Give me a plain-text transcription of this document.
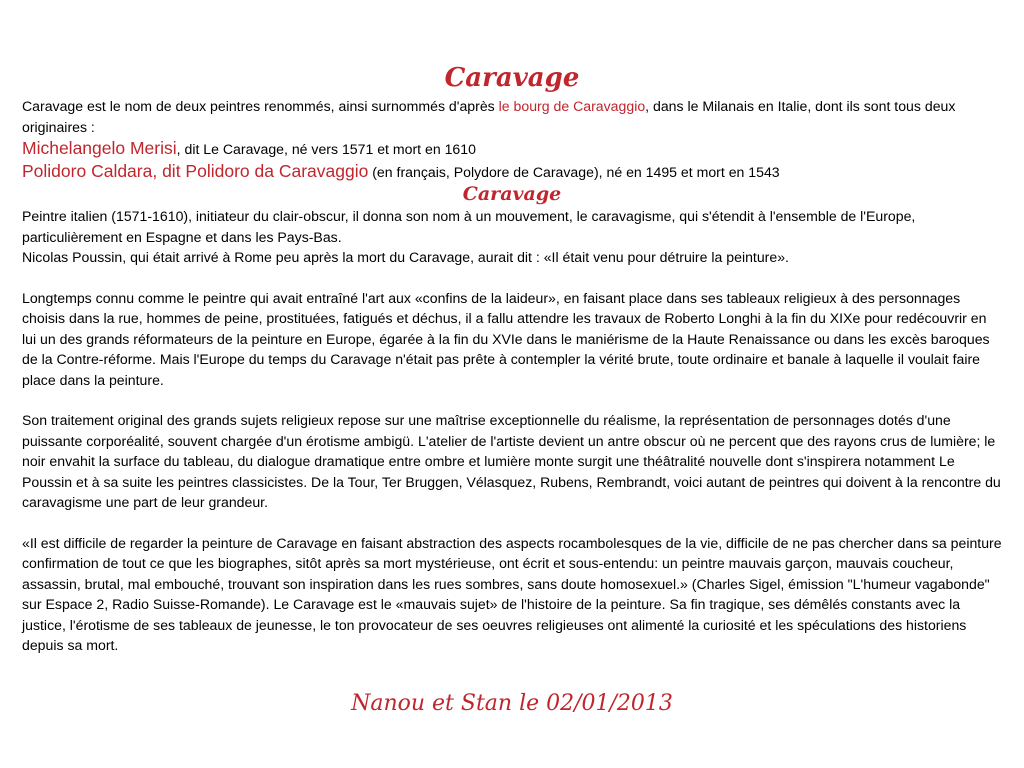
Caravage

Caravage est le nom de deux peintres renommés, ainsi surnommés d'après le bourg de Caravaggio, dans le Milanais en Italie, dont ils sont tous deux originaires :

Michelangelo Merisi, dit Le Caravage, né vers 1571 et mort en 1610

Polidoro Caldara, dit Polidoro da Caravaggio (en français, Polydore de Caravage), né en 1495 et mort en 1543

Caravage

Peintre italien (1571-1610), initiateur du clair-obscur, il donna son nom à un mouvement, le caravagisme, qui s'étendit à l'ensemble de l'Europe, particulièrement en Espagne et dans les Pays-Bas.

Nicolas Poussin, qui était arrivé à Rome peu après la mort du Caravage, aurait dit : «Il était venu pour détruire la peinture».

Longtemps connu comme le peintre qui avait entraîné l'art aux «confins de la laideur», en faisant place dans ses tableaux religieux à des personnages choisis dans la rue, hommes de peine, prostituées, fatigués et déchus, il a fallu attendre les travaux de Roberto Longhi à la fin du XIXe pour redécouvrir en lui un des grands réformateurs de la peinture en Europe, égarée à la fin du XVIe dans le maniérisme de la Haute Renaissance ou dans les excès baroques de la Contre-réforme. Mais l'Europe du temps du Caravage n'était pas prête à contempler la vérité brute, toute ordinaire et banale à laquelle il voulait faire place dans la peinture.

Son traitement original des grands sujets religieux repose sur une maîtrise exceptionnelle du réalisme, la représentation de personnages dotés d'une puissante corporéalité, souvent chargée d'un érotisme ambigü. L'atelier de l'artiste devient un antre obscur où ne percent que des rayons crus de lumière; le noir envahit la surface du tableau, du dialogue dramatique entre ombre et lumière monte surgit une théâtralité nouvelle dont s'inspirera notamment Le Poussin et à sa suite les peintres classicistes. De la Tour, Ter Bruggen, Vélasquez, Rubens, Rembrandt, voici autant de peintres qui doivent à la rencontre du caravagisme une part de leur grandeur.

«Il est difficile de regarder la peinture de Caravage en faisant abstraction des aspects rocambolesques de la vie, difficile de ne pas chercher dans sa peinture confirmation de tout ce que les biographes, sitôt après sa mort mystérieuse, ont écrit et sous-entendu: un peintre mauvais garçon, mauvais coucheur, assassin, brutal, mal embouché, trouvant son inspiration dans les rues sombres, sans doute homosexuel.» (Charles Sigel, émission "L'humeur vagabonde" sur Espace 2, Radio Suisse-Romande). Le Caravage est le «mauvais sujet» de l'histoire de la peinture. Sa fin tragique, ses démêlés constants avec la justice, l'érotisme de ses tableaux de jeunesse, le ton provocateur de ses oeuvres religieuses ont alimenté la curiosité et les spéculations des historiens depuis sa mort.

Nanou et Stan le 02/01/2013
